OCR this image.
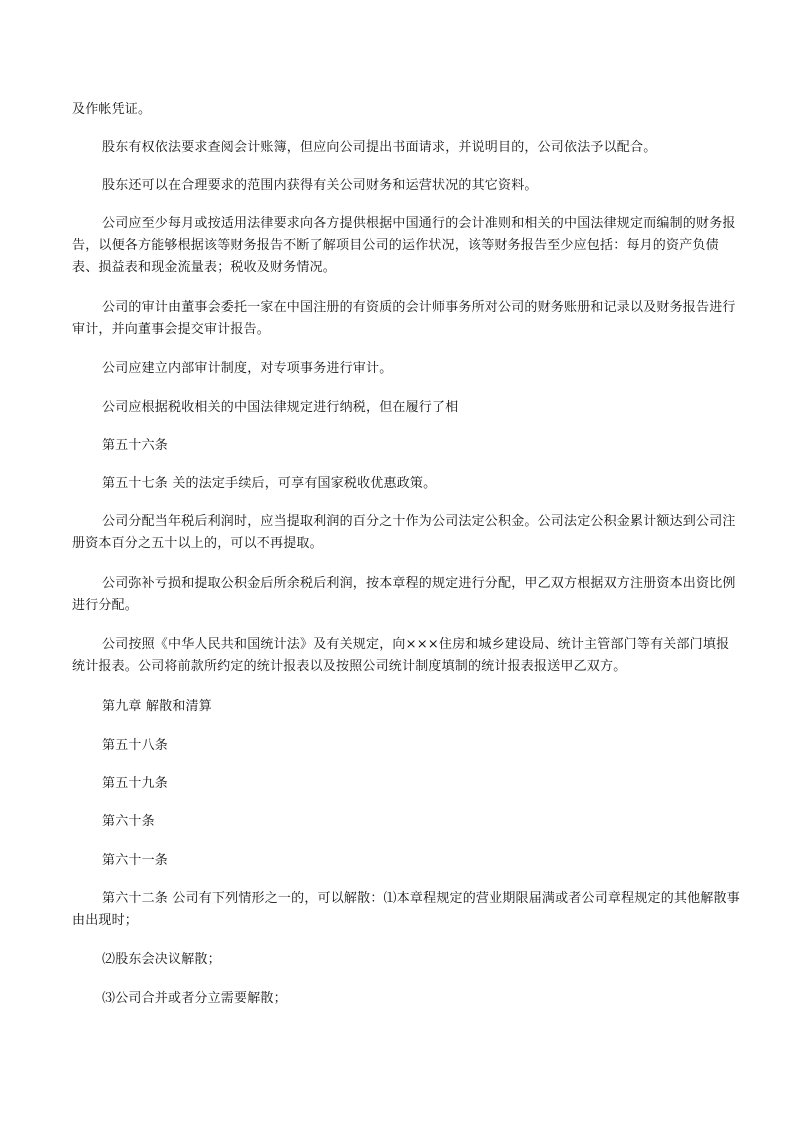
及作帐凭证。

股东有权依法要求查阅会计账簿，但应向公司提出书面请求，并说明目的，公司依法予以配合。

股东还可以在合理要求的范围内获得有关公司财务和运营状况的其它资料。

公司应至少每月或按适用法律要求向各方提供根据中国通行的会计准则和相关的中国法律规定而编制的财务报告，以便各方能够根据该等财务报告不断了解项目公司的运作状况，该等财务报告至少应包括：每月的资产负债表、损益表和现金流量表；税收及财务情况。

公司的审计由董事会委托一家在中国注册的有资质的会计师事务所对公司的财务账册和记录以及财务报告进行审计，并向董事会提交审计报告。

公司应建立内部审计制度，对专项事务进行审计。

公司应根据税收相关的中国法律规定进行纳税，但在履行了相

第五十六条

第五十七条 关的法定手续后，可享有国家税收优惠政策。

公司分配当年税后利润时，应当提取利润的百分之十作为公司法定公积金。公司法定公积金累计额达到公司注册资本百分之五十以上的，可以不再提取。

公司弥补亏损和提取公积金后所余税后利润，按本章程的规定进行分配，甲乙双方根据双方注册资本出资比例进行分配。

公司按照《中华人民共和国统计法》及有关规定，向×××住房和城乡建设局、统计主管部门等有关部门填报统计报表。公司将前款所约定的统计报表以及按照公司统计制度填制的统计报表报送甲乙双方。

第九章 解散和清算

第五十八条

第五十九条

第六十条

第六十一条

第六十二条 公司有下列情形之一的，可以解散：⑴本章程规定的营业期限届满或者公司章程规定的其他解散事由出现时；

⑵股东会决议解散；

⑶公司合并或者分立需要解散；
